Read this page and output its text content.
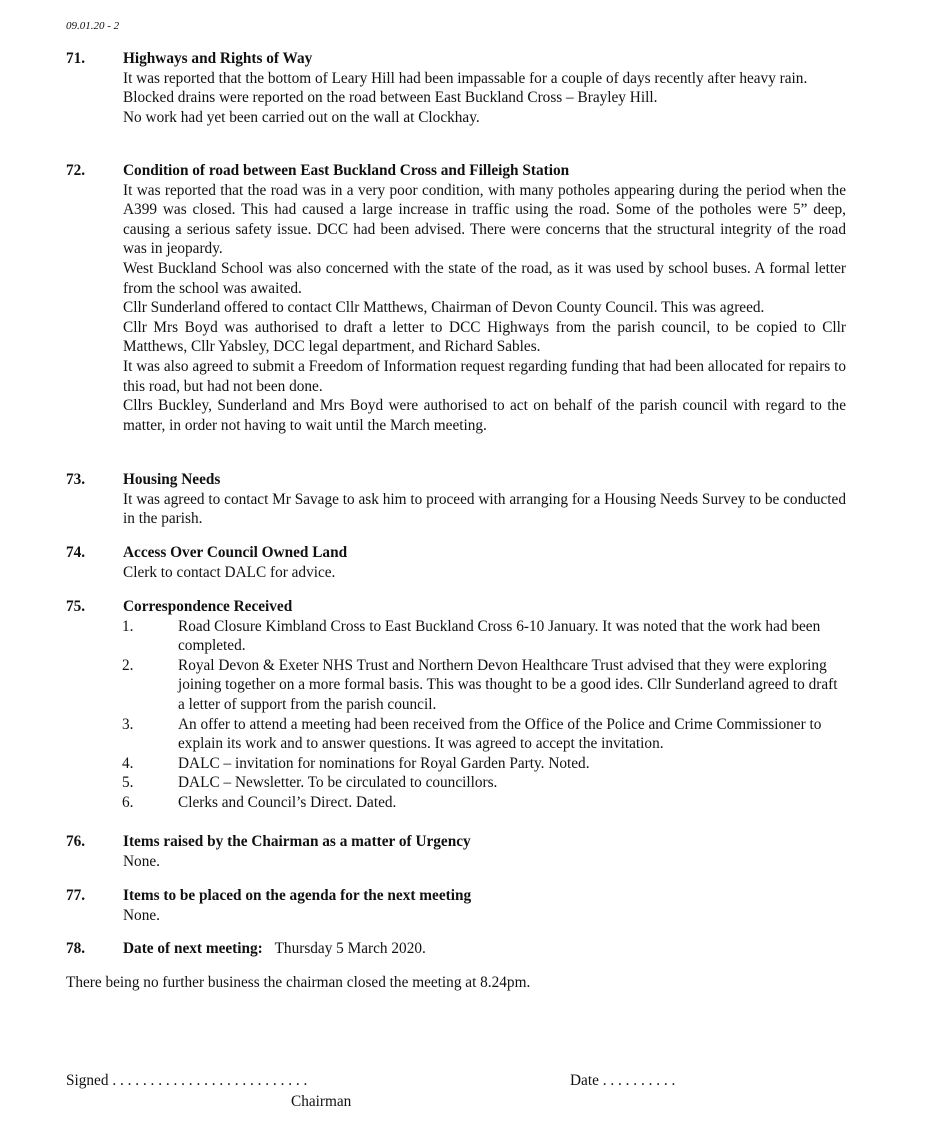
09.01.20 - 2
71. Highways and Rights of Way
It was reported that the bottom of Leary Hill had been impassable for a couple of days recently after heavy rain.
Blocked drains were reported on the road between East Buckland Cross – Brayley Hill.
No work had yet been carried out on the wall at Clockhay.
72. Condition of road between East Buckland Cross and Filleigh Station
It was reported that the road was in a very poor condition, with many potholes appearing during the period when the A399 was closed. This had caused a large increase in traffic using the road. Some of the potholes were 5” deep, causing a serious safety issue. DCC had been advised. There were concerns that the structural integrity of the road was in jeopardy.
West Buckland School was also concerned with the state of the road, as it was used by school buses. A formal letter from the school was awaited.
Cllr Sunderland offered to contact Cllr Matthews, Chairman of Devon County Council. This was agreed.
Cllr Mrs Boyd was authorised to draft a letter to DCC Highways from the parish council, to be copied to Cllr Matthews, Cllr Yabsley, DCC legal department, and Richard Sables.
It was also agreed to submit a Freedom of Information request regarding funding that had been allocated for repairs to this road, but had not been done.
Cllrs Buckley, Sunderland and Mrs Boyd were authorised to act on behalf of the parish council with regard to the matter, in order not having to wait until the March meeting.
73. Housing Needs
It was agreed to contact Mr Savage to ask him to proceed with arranging for a Housing Needs Survey to be conducted in the parish.
74. Access Over Council Owned Land
Clerk to contact DALC for advice.
75. Correspondence Received
1.	Road Closure Kimbland Cross to East Buckland Cross 6-10 January. It was noted that the work had been completed.
2.	Royal Devon & Exeter NHS Trust and Northern Devon Healthcare Trust advised that they were exploring joining together on a more formal basis. This was thought to be a good ides. Cllr Sunderland agreed to draft a letter of support from the parish council.
3.	An offer to attend a meeting had been received from the Office of the Police and Crime Commissioner to explain its work and to answer questions. It was agreed to accept the invitation.
4.	DALC – invitation for nominations for Royal Garden Party. Noted.
5.	DALC – Newsletter. To be circulated to councillors.
6.	Clerks and Council’s Direct. Dated.
76. Items raised by the Chairman as a matter of Urgency
None.
77. Items to be placed on the agenda for the next meeting
None.
78. Date of next meeting: Thursday 5 March 2020.
There being no further business the chairman closed the meeting at 8.24pm.
Signed . . . . . . . . . . . . . . . . . . . . . . . . . .	Date . . . . . . . . . .
Chairman
